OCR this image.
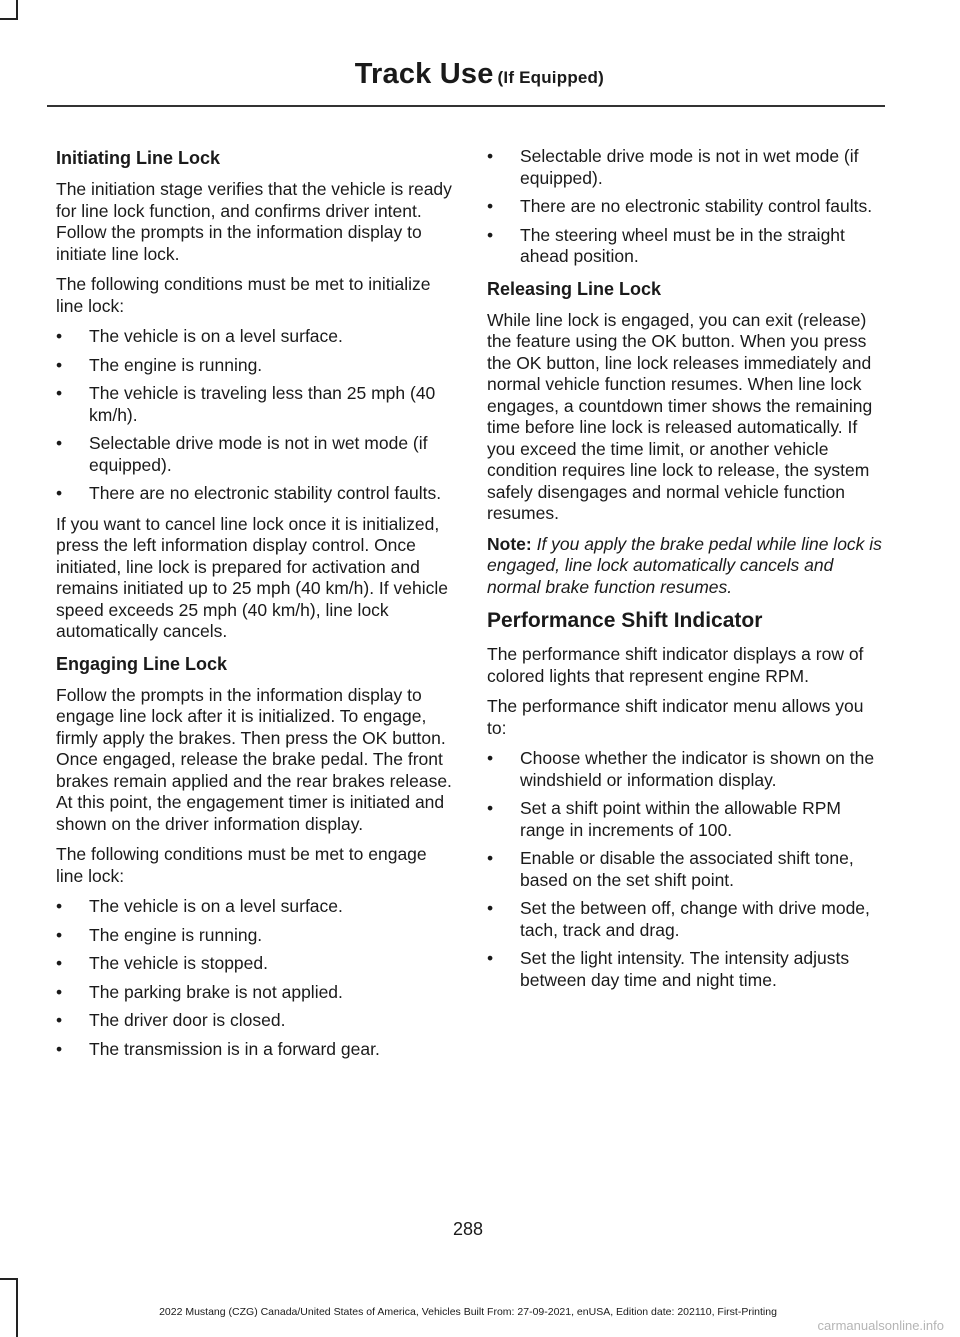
Track Use (If Equipped)
Initiating Line Lock

The initiation stage verifies that the vehicle is ready for line lock function, and confirms driver intent. Follow the prompts in the information display to initiate line lock.

The following conditions must be met to initialize line lock:

• The vehicle is on a level surface.
• The engine is running.
• The vehicle is traveling less than 25 mph (40 km/h).
• Selectable drive mode is not in wet mode (if equipped).
• There are no electronic stability control faults.

If you want to cancel line lock once it is initialized, press the left information display control. Once initiated, line lock is prepared for activation and remains initiated up to 25 mph (40 km/h). If vehicle speed exceeds 25 mph (40 km/h), line lock automatically cancels.

Engaging Line Lock

Follow the prompts in the information display to engage line lock after it is initialized. To engage, firmly apply the brakes. Then press the OK button. Once engaged, release the brake pedal. The front brakes remain applied and the rear brakes release. At this point, the engagement timer is initiated and shown on the driver information display.

The following conditions must be met to engage line lock:

• The vehicle is on a level surface.
• The engine is running.
• The vehicle is stopped.
• The parking brake is not applied.
• The driver door is closed.
• The transmission is in a forward gear.
• Selectable drive mode is not in wet mode (if equipped).
• There are no electronic stability control faults.
• The steering wheel must be in the straight ahead position.
Releasing Line Lock

While line lock is engaged, you can exit (release) the feature using the OK button. When you press the OK button, line lock releases immediately and normal vehicle function resumes. When line lock engages, a countdown timer shows the remaining time before line lock is released automatically. If you exceed the time limit, or another vehicle condition requires line lock to release, the system safely disengages and normal vehicle function resumes.

Note: If you apply the brake pedal while line lock is engaged, line lock automatically cancels and normal brake function resumes.

Performance Shift Indicator

The performance shift indicator displays a row of colored lights that represent engine RPM.

The performance shift indicator menu allows you to:

• Choose whether the indicator is shown on the windshield or information display.
• Set a shift point within the allowable RPM range in increments of 100.
• Enable or disable the associated shift tone, based on the set shift point.
• Set the between off, change with drive mode, tach, track and drag.
• Set the light intensity. The intensity adjusts between day time and night time.
288
2022 Mustang (CZG) Canada/United States of America, Vehicles Built From: 27-09-2021, enUSA, Edition date: 202110, First-Printing
carmanualsonline.info
